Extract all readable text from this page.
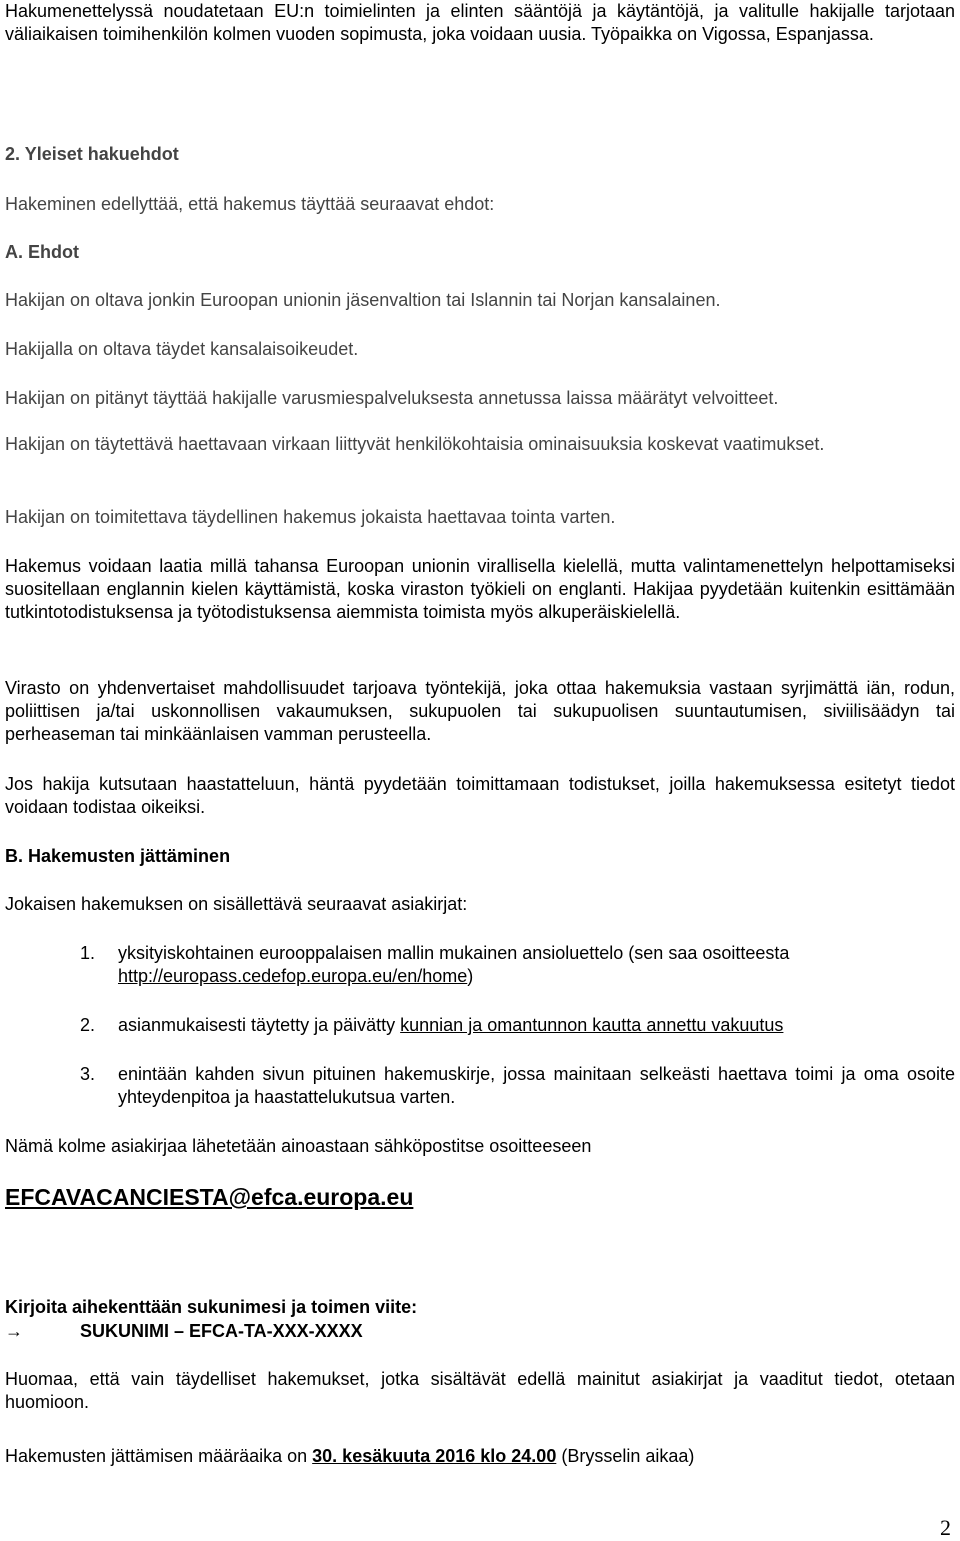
Hakumenettelyssä noudatetaan EU:n toimielinten ja elinten sääntöjä ja käytäntöjä, ja valitulle hakijalle tarjotaan väliaikaisen toimihenkilön kolmen vuoden sopimusta, joka voidaan uusia. Työpaikka on Vigossa, Espanjassa.

2. Yleiset hakuehdot
Hakeminen edellyttää, että hakemus täyttää seuraavat ehdot:
A. Ehdot
Hakijan on oltava jonkin Euroopan unionin jäsenvaltion tai Islannin tai Norjan kansalainen.
Hakijalla on oltava täydet kansalaisoikeudet.
Hakijan on pitänyt täyttää hakijalle varusmiespalveluksesta annetussa laissa määrätyt velvoitteet.
Hakijan on täytettävä haettavaan virkaan liittyvät henkilökohtaisia ominaisuuksia koskevat vaatimukset.
Hakijan on toimitettava täydellinen hakemus jokaista haettavaa tointa varten.

Hakemus voidaan laatia millä tahansa Euroopan unionin virallisella kielellä, mutta valintamenettelyn helpottamiseksi suositellaan englannin kielen käyttämistä, koska viraston työkieli on englanti. Hakijaa pyydetään kuitenkin esittämään tutkintotodistuksensa ja työtodistuksensa aiemmista toimista myös alkuperäiskielellä.

Virasto on yhdenvertaiset mahdollisuudet tarjoava työntekijä, joka ottaa hakemuksia vastaan syrjimättä iän, rodun, poliittisen ja/tai uskonnollisen vakaumuksen, sukupuolen tai sukupuolisen suuntautumisen, siviilisäädyn tai perheaseman tai minkäänlaisen vamman perusteella.

Jos hakija kutsutaan haastatteluun, häntä pyydetään toimittamaan todistukset, joilla hakemuksessa esitetyt tiedot voidaan todistaa oikeiksi.

B. Hakemusten jättäminen
Jokaisen hakemuksen on sisällettävä seuraavat asiakirjat:
1.	yksityiskohtainen eurooppalaisen mallin mukainen ansioluettelo (sen saa osoitteesta http://europass.cedefop.europa.eu/en/home)
2.	asianmukaisesti täytetty ja päivätty kunnian ja omantunnon kautta annettu vakuutus
3.	enintään kahden sivun pituinen hakemuskirje, jossa mainitaan selkeästi haettava toimi ja oma osoite yhteydenpitoa ja haastattelukutsua varten.
Nämä kolme asiakirjaa lähetetään ainoastaan sähköpostitse osoitteeseen
EFCAVACANCIESTA@efca.europa.eu
Kirjoita aihekenttään sukunimesi ja toimen viite:
→	SUKUNIMI – EFCA-TA-XXX-XXXX

Huomaa, että vain täydelliset hakemukset, jotka sisältävät edellä mainitut asiakirjat ja vaaditut tiedot, otetaan huomioon.

Hakemusten jättämisen määräaika on 30. kesäkuuta 2016 klo 24.00 (Brysselin aikaa)
2
